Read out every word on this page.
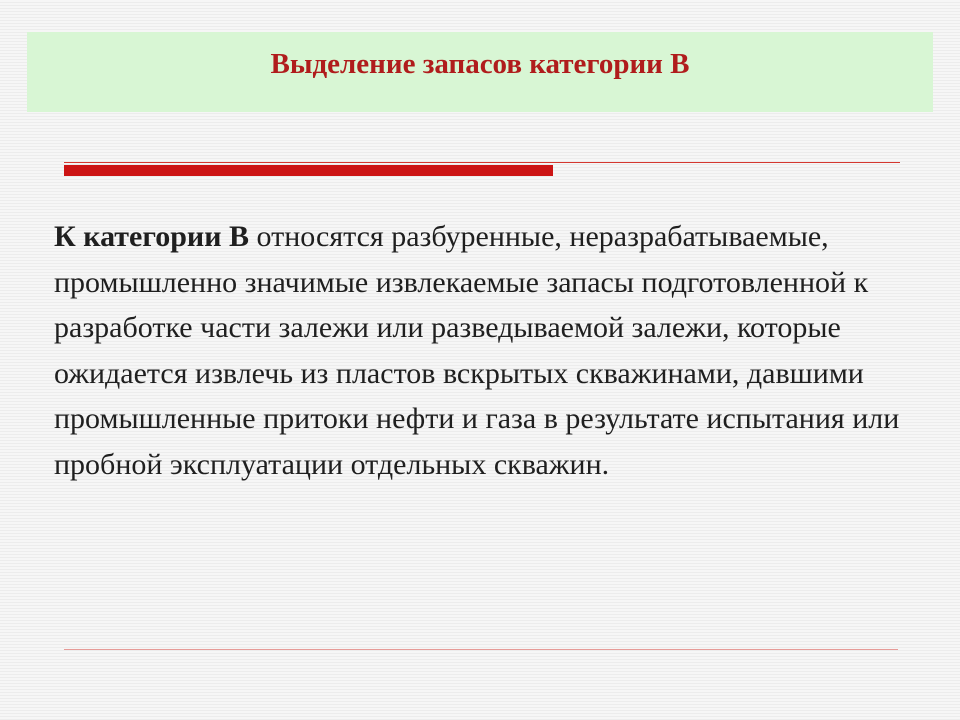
Выделение запасов категории В

К категории В относятся разбуренные, неразрабатываемые, промышленно значимые извлекаемые запасы подготовленной к разработке части залежи или разведываемой залежи, которые ожидается извлечь из пластов вскрытых скважинами, давшими промышленные притоки нефти и газа в результате испытания или пробной эксплуатации отдельных скважин.
